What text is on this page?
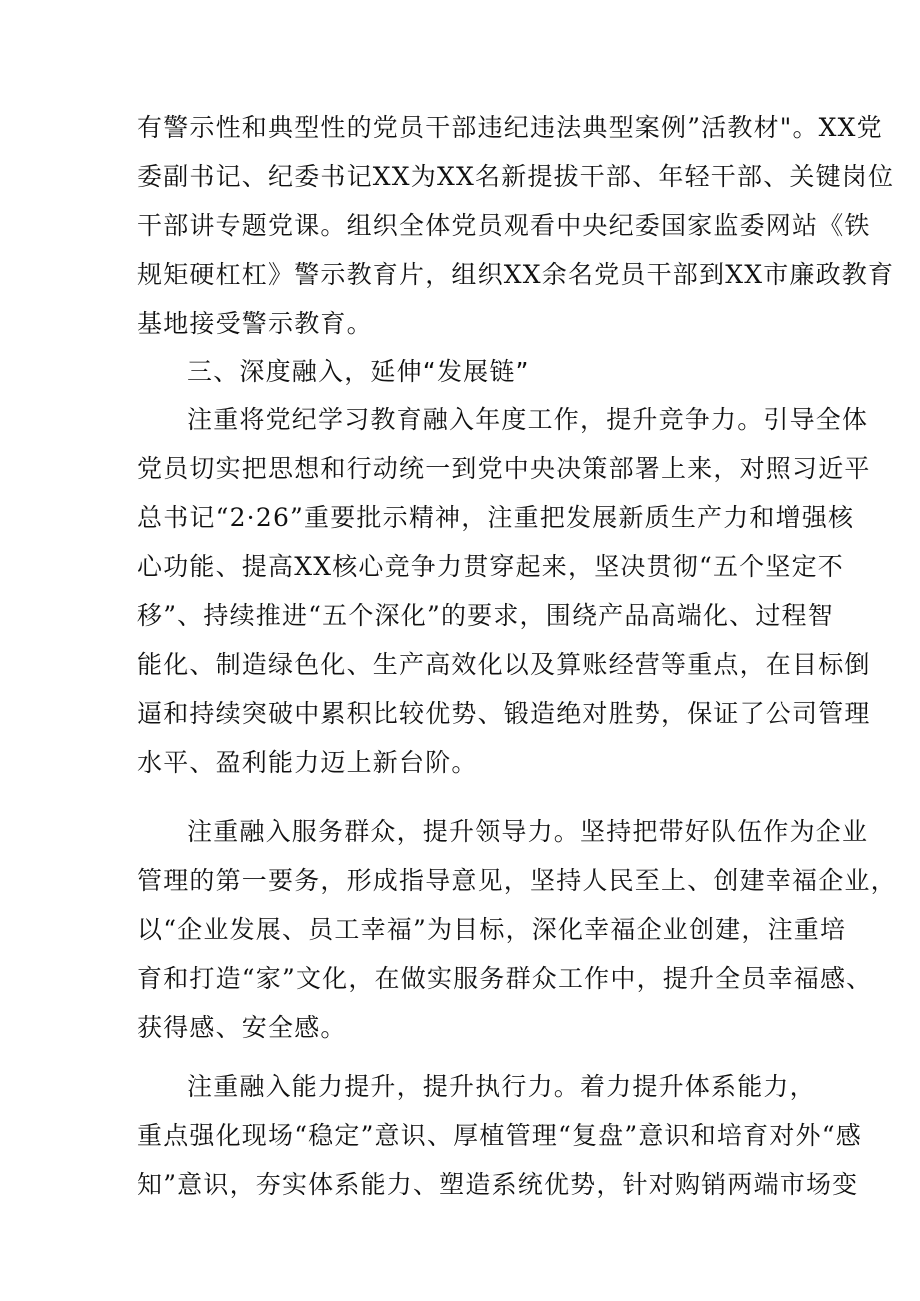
有警示性和典型性的党员干部违纪违法典型案例”活教材"。XX党
委副书记、纪委书记XX为XX名新提拔干部、年轻干部、关键岗位
干部讲专题党课。组织全体党员观看中央纪委国家监委网站《铁
规矩硬杠杠》警示教育片，组织XX余名党员干部到XX市廉政教育
基地接受警示教育。
三、深度融入，延伸“发展链”
注重将党纪学习教育融入年度工作，提升竞争力。引导全体
党员切实把思想和行动统一到党中央决策部署上来，对照习近平
总书记“2·26”重要批示精神，注重把发展新质生产力和增强核
心功能、提高XX核心竞争力贯穿起来，坚决贯彻“五个坚定不
移”、持续推进“五个深化”的要求，围绕产品高端化、过程智
能化、制造绿色化、生产高效化以及算账经营等重点，在目标倒
逼和持续突破中累积比较优势、锻造绝对胜势，保证了公司管理
水平、盈利能力迈上新台阶。
注重融入服务群众，提升领导力。坚持把带好队伍作为企业
管理的第一要务，形成指导意见，坚持人民至上、创建幸福企业，
以“企业发展、员工幸福”为目标，深化幸福企业创建，注重培
育和打造“家”文化，在做实服务群众工作中，提升全员幸福感、
获得感、安全感。
注重融入能力提升，提升执行力。着力提升体系能力，
重点强化现场“稳定”意识、厚植管理“复盘”意识和培育对外“感
知”意识，夯实体系能力、塑造系统优势，针对购销两端市场变
